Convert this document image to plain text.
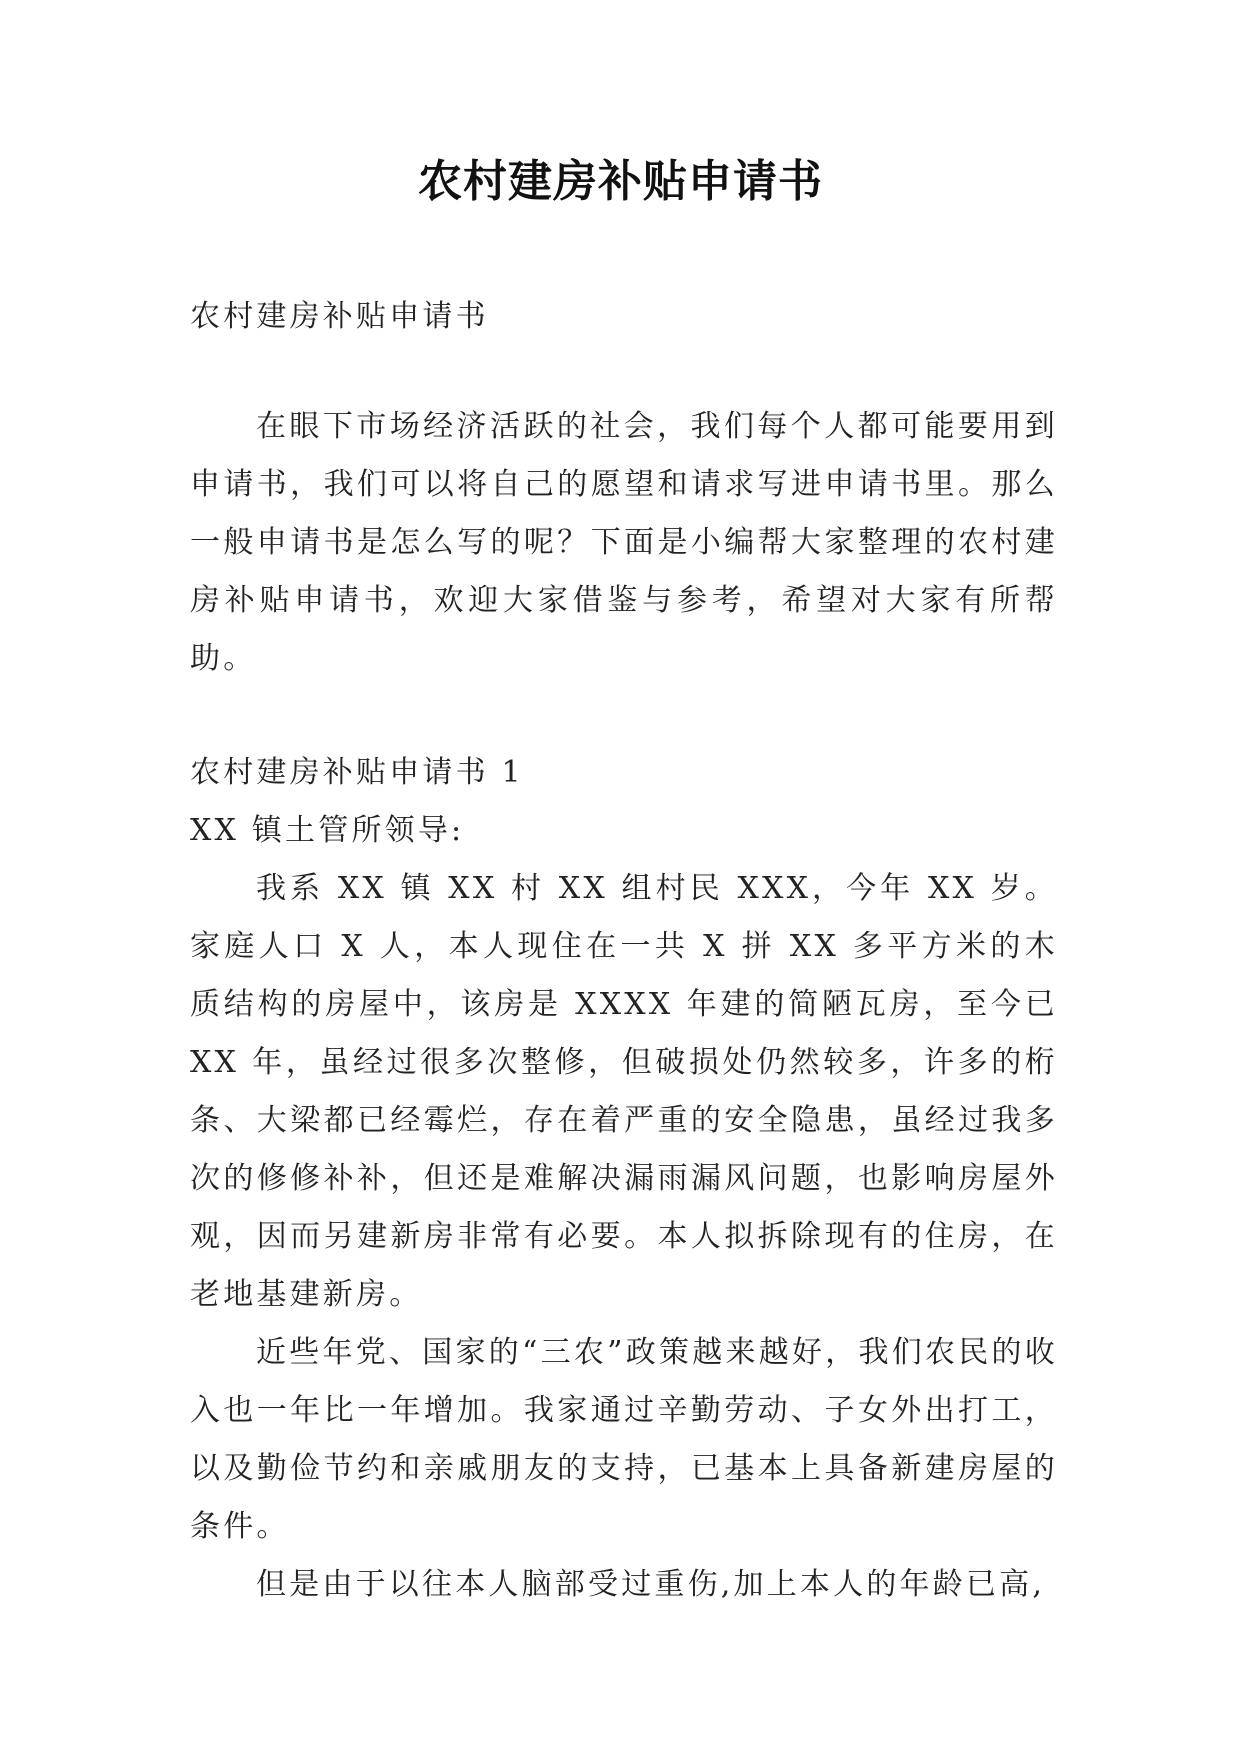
农村建房补贴申请书

农村建房补贴申请书

在眼下市场经济活跃的社会，我们每个人都可能要用到申请书，我们可以将自己的愿望和请求写进申请书里。那么一般申请书是怎么写的呢？下面是小编帮大家整理的农村建房补贴申请书，欢迎大家借鉴与参考，希望对大家有所帮助。

农村建房补贴申请书 1

XX 镇土管所领导:

我系 XX 镇 XX 村 XX 组村民 XXX，今年 XX 岁。家庭人口 X 人，本人现住在一共 X 拼 XX 多平方米的木质结构的房屋中，该房是 XXXX 年建的简陋瓦房，至今已 XX 年，虽经过很多次整修，但破损处仍然较多，许多的桁条、大梁都已经霉烂，存在着严重的安全隐患，虽经过我多次的修修补补，但还是难解决漏雨漏风问题，也影响房屋外观，因而另建新房非常有必要。本人拟拆除现有的住房，在老地基建新房。

近些年党、国家的“三农”政策越来越好，我们农民的收入也一年比一年增加。我家通过辛勤劳动、子女外出打工，以及勤俭节约和亲戚朋友的支持，已基本上具备新建房屋的条件。

但是由于以往本人脑部受过重伤,加上本人的年龄已高,
